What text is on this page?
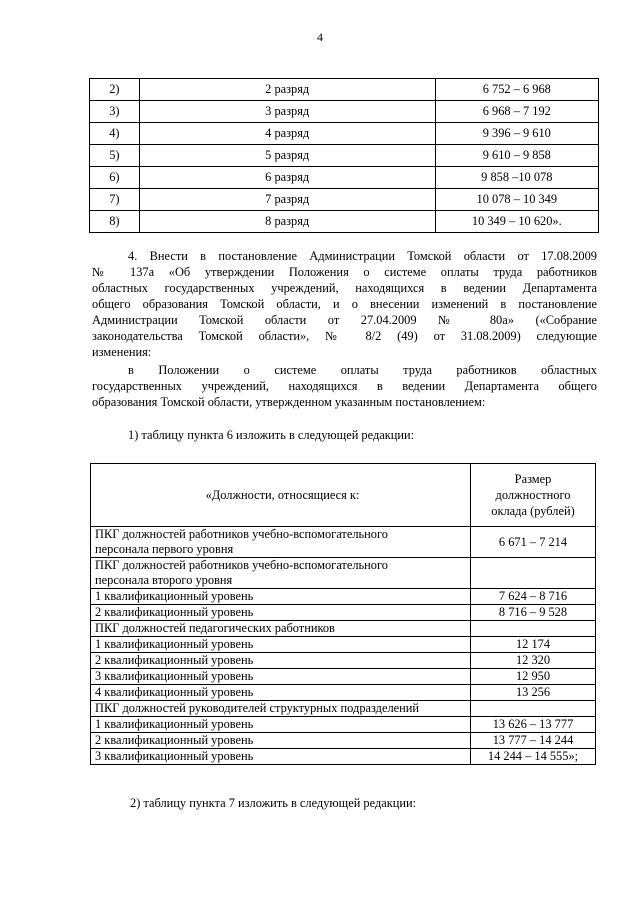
4
2)	2 разряд	6 752 – 6 968
3)	3 разряд	6 968 – 7 192
4)	4 разряд	9 396 – 9 610
5)	5 разряд	9 610 – 9 858
6)	6 разряд	9 858 –10 078
7)	7 разряд	10 078 – 10 349
8)	8 разряд	10 349 – 10 620».
4. Внести в постановление Администрации Томской области от 17.08.2009
№ 137а «Об утверждении Положения о системе оплаты труда работников
областных государственных учреждений, находящихся в ведении Департамента
общего образования Томской области, и о внесении изменений в постановление
Администрации Томской области от 27.04.2009 № 80а» («Собрание
законодательства Томской области», № 8/2 (49) от 31.08.2009) следующие
изменения:
в Положении о системе оплаты труда работников областных
государственных учреждений, находящихся в ведении Департамента общего
образования Томской области, утвержденном указанным постановлением:
1) таблицу пункта 6 изложить в следующей редакции:
«Должности, относящиеся к:	Размер
должностного
оклада (рублей)

ПКГ должностей работников учебно-вспомогательного
персонала первого уровня	6 671 – 7 214

ПКГ должностей работников учебно-вспомогательного
персонала второго уровня	

1 квалификационный уровень	7 624 – 8 716
2 квалификационный уровень	8 716 – 9 528
ПКГ должностей педагогических работников	
1 квалификационный уровень	12 174
2 квалификационный уровень	12 320
3 квалификационный уровень	12 950
4 квалификационный уровень	13 256
ПКГ должностей руководителей структурных подразделений	
1 квалификационный уровень	13 626 – 13 777
2 квалификационный уровень	13 777 – 14 244
3 квалификационный уровень	14 244 – 14 555»;
2) таблицу пункта 7 изложить в следующей редакции:
